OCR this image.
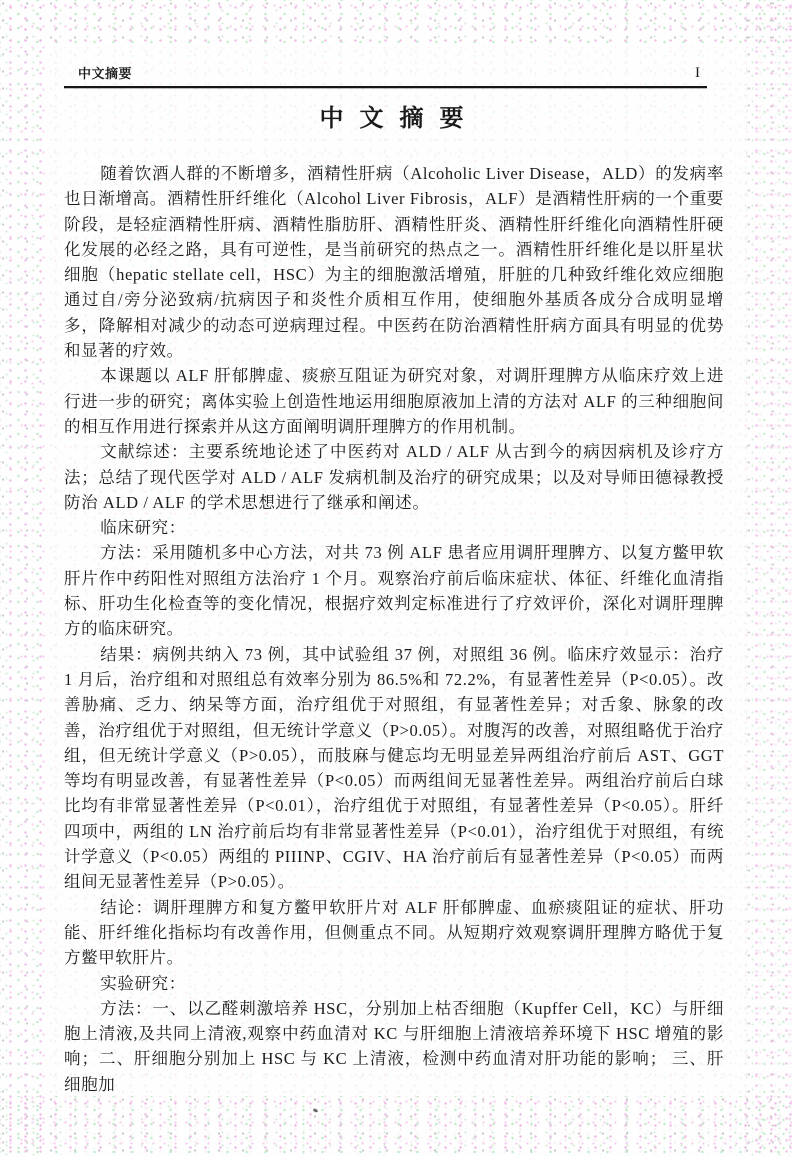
中文摘要	I
中 文 摘 要

随着饮酒人群的不断增多，酒精性肝病（Alcoholic Liver Disease，ALD）的发病率也日渐增高。酒精性肝纤维化（Alcohol Liver Fibrosis，ALF）是酒精性肝病的一个重要阶段，是轻症酒精性肝病、酒精性脂肪肝、酒精性肝炎、酒精性肝纤维化向酒精性肝硬化发展的必经之路，具有可逆性，是当前研究的热点之一。酒精性肝纤维化是以肝星状细胞（hepatic stellate cell，HSC）为主的细胞激活增殖，肝脏的几种致纤维化效应细胞通过自/旁分泌致病/抗病因子和炎性介质相互作用，使细胞外基质各成分合成明显增多，降解相对减少的动态可逆病理过程。中医药在防治酒精性肝病方面具有明显的优势和显著的疗效。

本课题以 ALF 肝郁脾虚、痰瘀互阻证为研究对象，对调肝理脾方从临床疗效上进行进一步的研究；离体实验上创造性地运用细胞原液加上清的方法对 ALF 的三种细胞间的相互作用进行探索并从这方面阐明调肝理脾方的作用机制。

文献综述：主要系统地论述了中医药对 ALD / ALF 从古到今的病因病机及诊疗方法；总结了现代医学对 ALD / ALF 发病机制及治疗的研究成果；以及对导师田德禄教授防治 ALD / ALF 的学术思想进行了继承和阐述。

临床研究：

方法：采用随机多中心方法，对共 73 例 ALF 患者应用调肝理脾方、以复方鳖甲软肝片作中药阳性对照组方法治疗 1 个月。观察治疗前后临床症状、体征、纤维化血清指标、肝功生化检查等的变化情况，根据疗效判定标准进行了疗效评价，深化对调肝理脾方的临床研究。

结果：病例共纳入 73 例，其中试验组 37 例，对照组 36 例。临床疗效显示：治疗 1 月后，治疗组和对照组总有效率分别为 86.5%和 72.2%，有显著性差异（P<0.05）。改善胁痛、乏力、纳呆等方面，治疗组优于对照组，有显著性差异；对舌象、脉象的改善，治疗组优于对照组，但无统计学意义（P>0.05）。对腹泻的改善，对照组略优于治疗组，但无统计学意义（P>0.05），而肢麻与健忘均无明显差异两组治疗前后 AST、GGT 等均有明显改善，有显著性差异（P<0.05）而两组间无显著性差异。两组治疗前后白球比均有非常显著性差异（P<0.01），治疗组优于对照组，有显著性差异（P<0.05）。肝纤四项中，两组的 LN 治疗前后均有非常显著性差异（P<0.01），治疗组优于对照组，有统计学意义（P<0.05）两组的 PIIINP、CGIV、HA 治疗前后有显著性差异（P<0.05）而两组间无显著性差异（P>0.05）。

结论：调肝理脾方和复方鳖甲软肝片对 ALF 肝郁脾虚、血瘀痰阻证的症状、肝功能、肝纤维化指标均有改善作用，但侧重点不同。从短期疗效观察调肝理脾方略优于复方鳖甲软肝片。

实验研究：

方法：一、以乙醛刺激培养 HSC，分别加上枯否细胞（Kupffer Cell，KC）与肝细胞上清液,及共同上清液,观察中药血清对 KC 与肝细胞上清液培养环境下 HSC 增殖的影响；二、肝细胞分别加上 HSC 与 KC 上清液，检测中药血清对肝功能的影响； 三、肝细胞加
